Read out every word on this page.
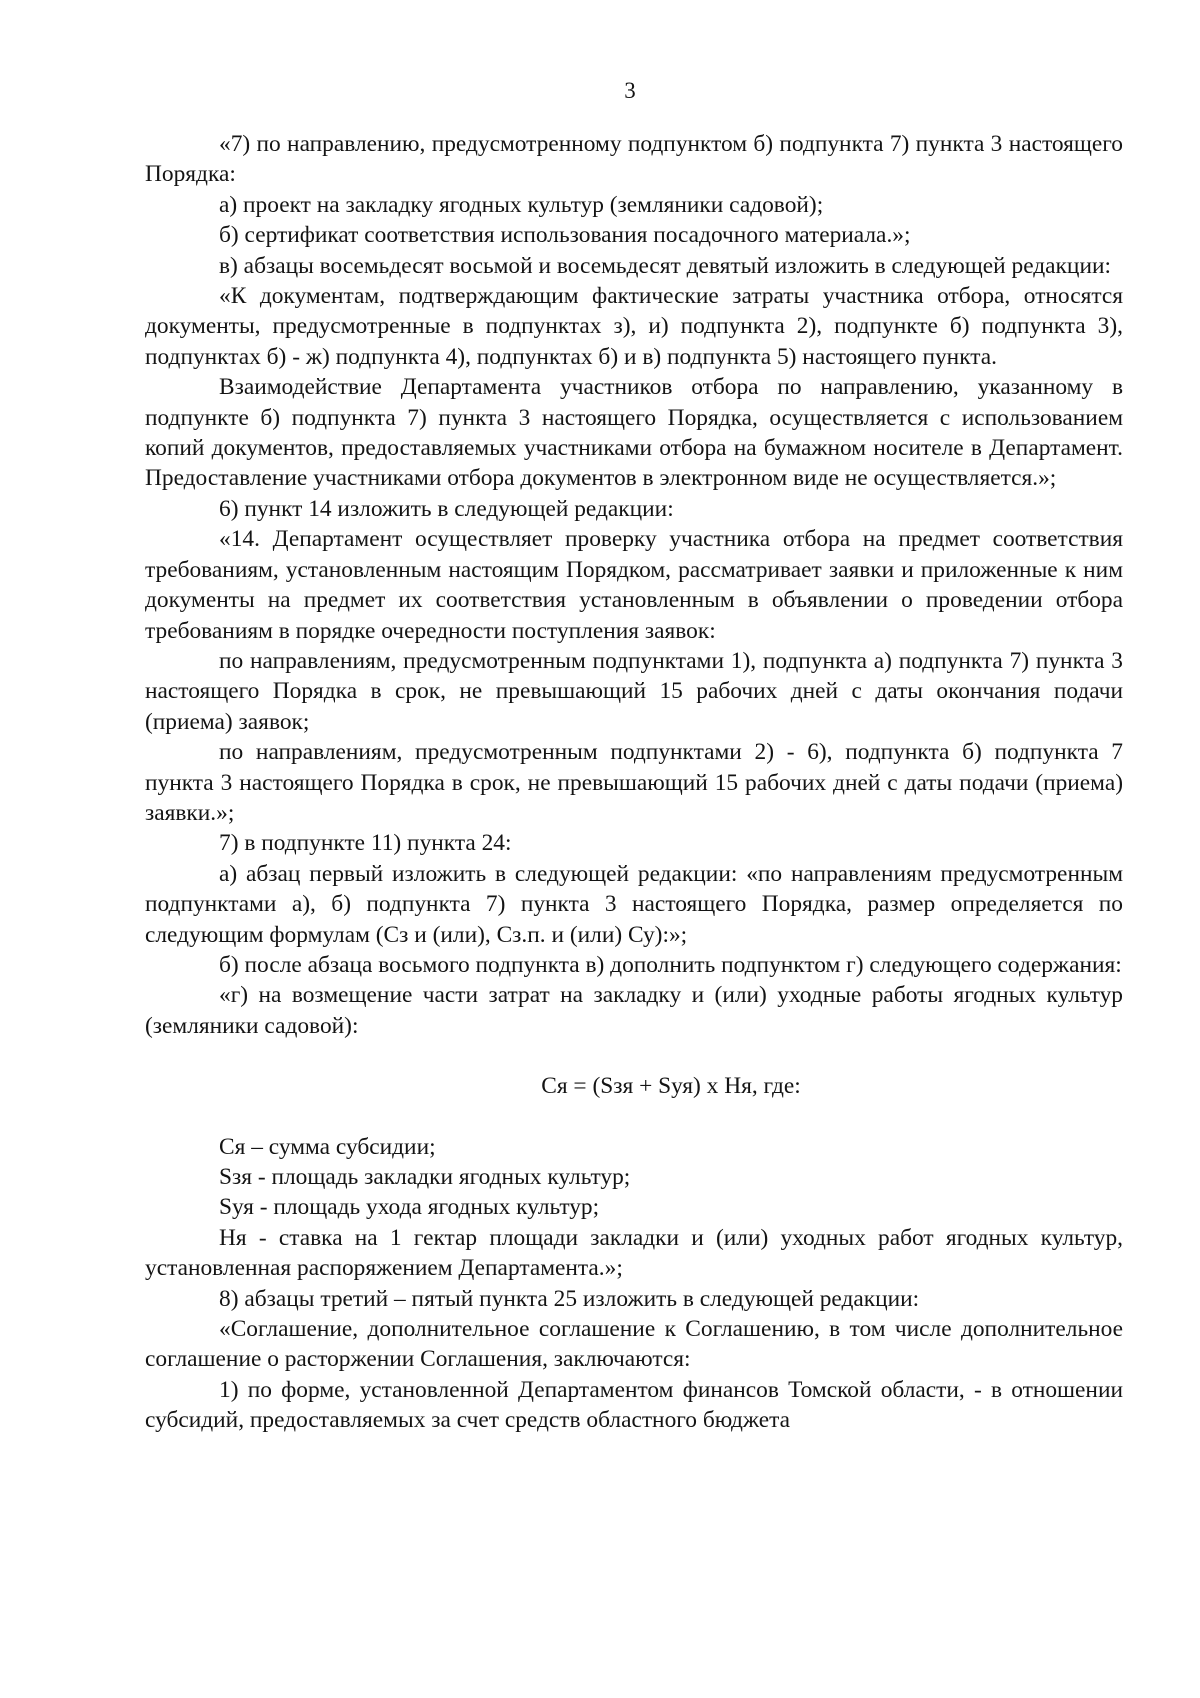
3

«7) по направлению, предусмотренному подпунктом б) подпункта 7) пункта 3 настоящего Порядка:

а) проект на закладку ягодных культур (земляники садовой);

б) сертификат соответствия использования посадочного материала.»;

в) абзацы восемьдесят восьмой и восемьдесят девятый изложить в следующей редакции:

«К документам, подтверждающим фактические затраты участника отбора, относятся документы, предусмотренные в подпунктах з), и) подпункта 2), подпункте б) подпункта 3), подпунктах б) - ж) подпункта 4), подпунктах б) и в) подпункта 5) настоящего пункта.

Взаимодействие Департамента участников отбора по направлению, указанному в подпункте б) подпункта 7) пункта 3 настоящего Порядка, осуществляется с использованием копий документов, предоставляемых участниками отбора на бумажном носителе в Департамент. Предоставление участниками отбора документов в электронном виде не осуществляется.»;

6) пункт 14 изложить в следующей редакции:

«14. Департамент осуществляет проверку участника отбора на предмет соответствия требованиям, установленным настоящим Порядком, рассматривает заявки и приложенные к ним документы на предмет их соответствия установленным в объявлении о проведении отбора требованиям в порядке очередности поступления заявок:

по направлениям, предусмотренным подпунктами 1), подпункта а) подпункта 7) пункта 3 настоящего Порядка в срок, не превышающий 15 рабочих дней с даты окончания подачи (приема) заявок;

по направлениям, предусмотренным подпунктами 2) - 6), подпункта б) подпункта 7 пункта 3 настоящего Порядка в срок, не превышающий 15 рабочих дней с даты подачи (приема) заявки.»;

7) в подпункте 11) пункта 24:

а) абзац первый изложить в следующей редакции: «по направлениям предусмотренным подпунктами а), б) подпункта 7) пункта 3 настоящего Порядка, размер определяется по следующим формулам (Сз и (или), Сз.п. и (или) Су):»;

б) после абзаца восьмого подпункта в) дополнить подпунктом г) следующего содержания:

«г) на возмещение части затрат на закладку и (или) уходные работы ягодных культур (земляники садовой):

Ся = (Sзя + Sуя) x Ня, где:

Ся – сумма субсидии;

Sзя - площадь закладки ягодных культур;

Sуя - площадь ухода ягодных культур;

Ня - ставка на 1 гектар площади закладки и (или) уходных работ ягодных культур, установленная распоряжением Департамента.»;

8) абзацы третий – пятый пункта 25 изложить в следующей редакции:

«Соглашение, дополнительное соглашение к Соглашению, в том числе дополнительное соглашение о расторжении Соглашения, заключаются:

1) по форме, установленной Департаментом финансов Томской области, - в отношении субсидий, предоставляемых за счет средств областного бюджета
